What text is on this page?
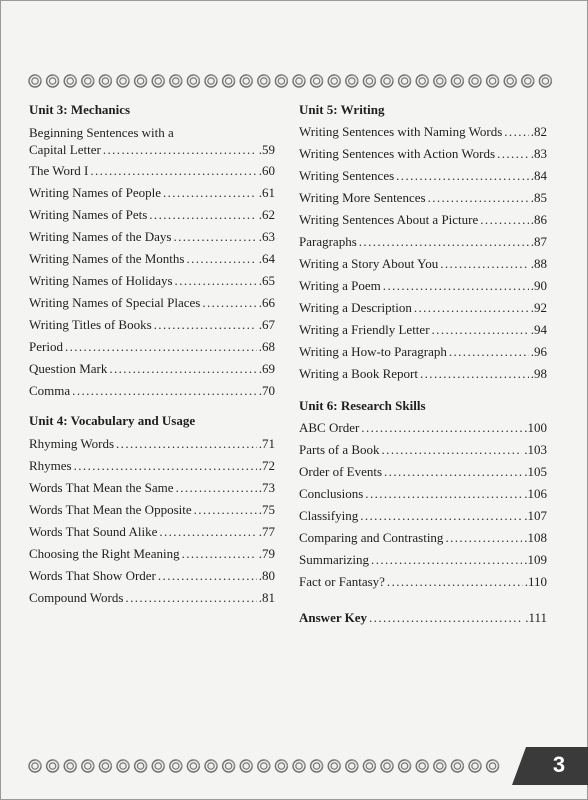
Unit 3: Mechanics
Beginning Sentences with a
Capital Letter .....	.59
The Word I .....	.60
Writing Names of People .....	.61
Writing Names of Pets .....	.62
Writing Names of the Days .....	.63
Writing Names of the Months .....	.64
Writing Names of Holidays .....	.65
Writing Names of Special Places .....	.66
Writing Titles of Books .....	.67
Period .....	.68
Question Mark .....	.69
Comma .....	.70
Unit 4: Vocabulary and Usage
Rhyming Words .....	.71
Rhymes .....	.72
Words That Mean the Same .....	.73
Words That Mean the Opposite .....	.75
Words That Sound Alike .....	.77
Choosing the Right Meaning .....	.79
Words That Show Order .....	.80
Compound Words .....	.81
Unit 5: Writing
Writing Sentences with Naming Words ..... .82
Writing Sentences with Action Words .....	.83
Writing Sentences .....	.84
Writing More Sentences .....	.85
Writing Sentences About a Picture .....	.86
Paragraphs .....	.87
Writing a Story About You .....	.88
Writing a Poem .....	.90
Writing a Description .....	.92
Writing a Friendly Letter .....	.94
Writing a How-to Paragraph .....	.96
Writing a Book Report .....	.98
Unit 6: Research Skills
ABC Order .....	.100
Parts of a Book .....	.103
Order of Events .....	.105
Conclusions .....	.106
Classifying .....	.107
Comparing and Contrasting .....	.108
Summarizing .....	.109
Fact or Fantasy? .....	.110
Answer Key .....	.111
3
